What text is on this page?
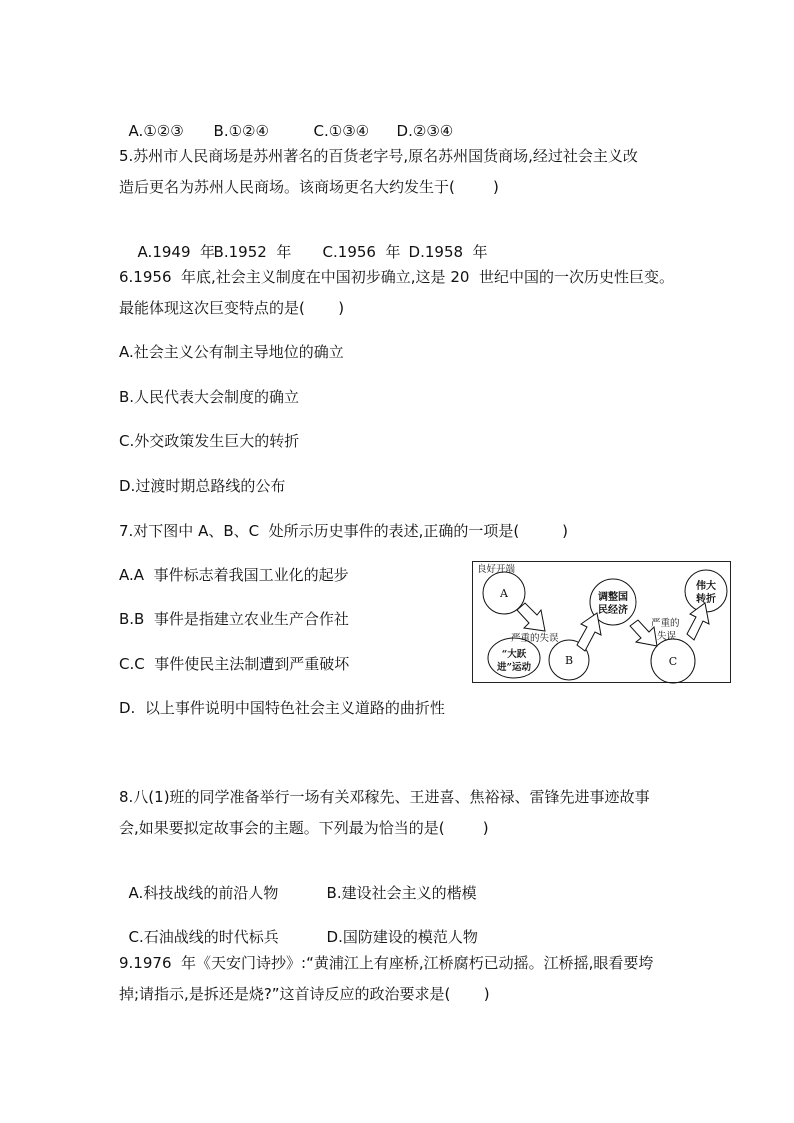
A.①②③ B.①②④	C.①③④ D.②③④

5.苏州市人民商场是苏州著名的百货老字号,原名苏州国货商场,经过社会主义改
造后更名为苏州人民商场。该商场更名大约发生于(        )

A.1949  年B.1952  年 C.1956  年 D.1958  年

6.1956  年底,社会主义制度在中国初步确立,这是 20  世纪中国的一次历史性巨变。
最能体现这次巨变特点的是(       )
A.社会主义公有制主导地位的确立
B.人民代表大会制度的确立
C.外交政策发生巨大的转折
D.过渡时期总路线的公布
7.对下图中 A、B、C  处所示历史事件的表述,正确的一项是(         )
A.A  事件标志着我国工业化的起步
B.B  事件是指建立农业生产合作社
C.C  事件使民主法制遭到严重破坏
D.  以上事件说明中国特色社会主义道路的曲折性
良好开端
A
严重的失误
“大跃
进”运动
B
调整国
民经济
严重的
失误
C
伟大
转折
8.八(1)班的同学准备举行一场有关邓稼先、王进喜、焦裕禄、雷锋先进事迹故事
会,如果要拟定故事会的主题。下列最为恰当的是(        )

A.科技战线的前沿人物	B.建设社会主义的楷模

C.石油战线的时代标兵	D.国防建设的模范人物

9.1976  年《天安门诗抄》:“黄浦江上有座桥,江桥腐朽已动摇。江桥摇,眼看要垮
掉;请指示,是拆还是烧?”这首诗反应的政治要求是(       )
